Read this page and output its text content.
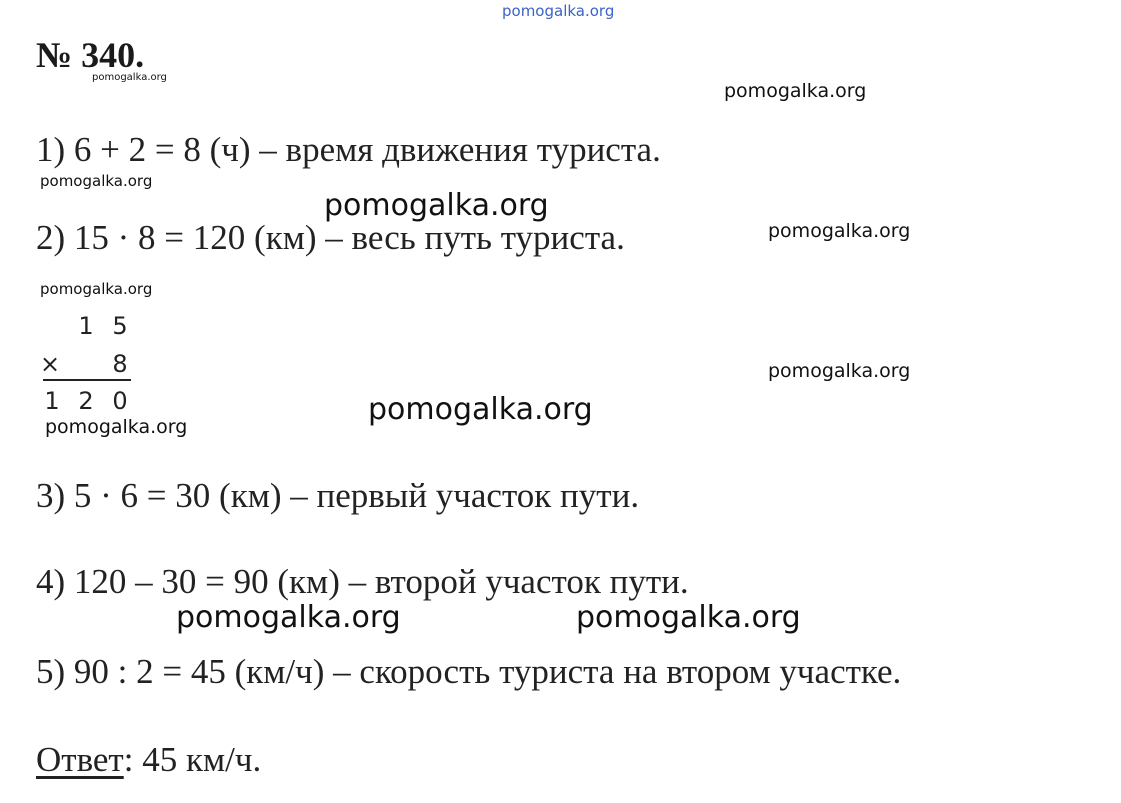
pomogalka.org
№ 340.
pomogalka.org
pomogalka.org
1) 6 + 2 = 8 (ч) – время движения туриста.
pomogalka.org
pomogalka.org
2) 15 · 8 = 120 (км) – весь путь туриста.	pomogalka.org
pomogalka.org
1 5
× 8
1 2 0
pomogalka.org
pomogalka.org
pomogalka.org
3) 5 · 6 = 30 (км) – первый участок пути.
4) 120 – 30 = 90 (км) – второй участок пути.
pomogalka.org	pomogalka.org
5) 90 : 2 = 45 (км/ч) – скорость туриста на втором участке.
Ответ: 45 км/ч.
